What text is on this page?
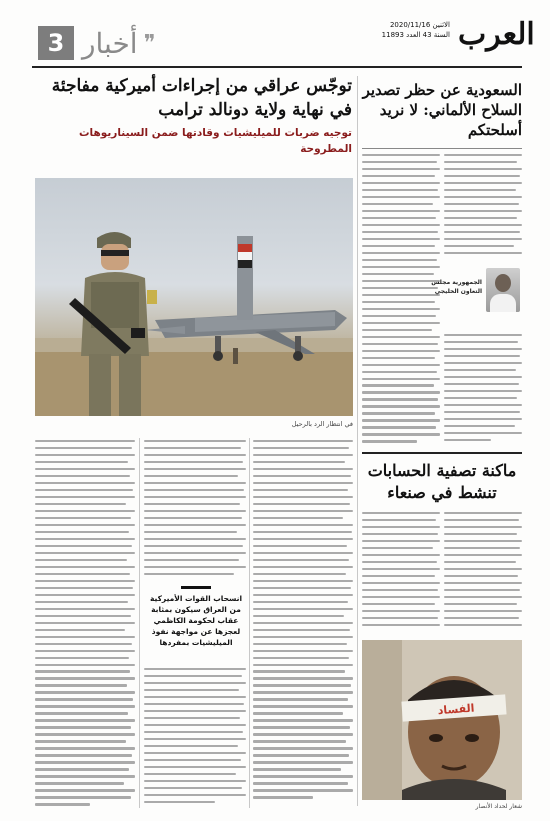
العرب
الاثنين 2020/11/16
السنة 43 العدد 11893
3 أخبار ❞
توجّس عراقي من إجراءات أميركية مفاجئة في نهاية ولاية دونالد ترامب
توجيه ضربات للميليشيات وقادتها ضمن السيناريوهات المطروحة
في انتظار الرد بالرحيل

انسحاب القوات الأميركية من العراق سيكون بمثابة عقاب لحكومة الكاظمي لعجزها عن مواجهة نفوذ الميليشيات بمفردها

السعودية عن حظر تصدير السلاح الألماني: لا نريد أسلحتكم
الجمهورية مجلس التعاون الخليجي
ماكنة تصفية الحسابات تنشط في صنعاء
الفساد
شعار لحداد الأنصار
